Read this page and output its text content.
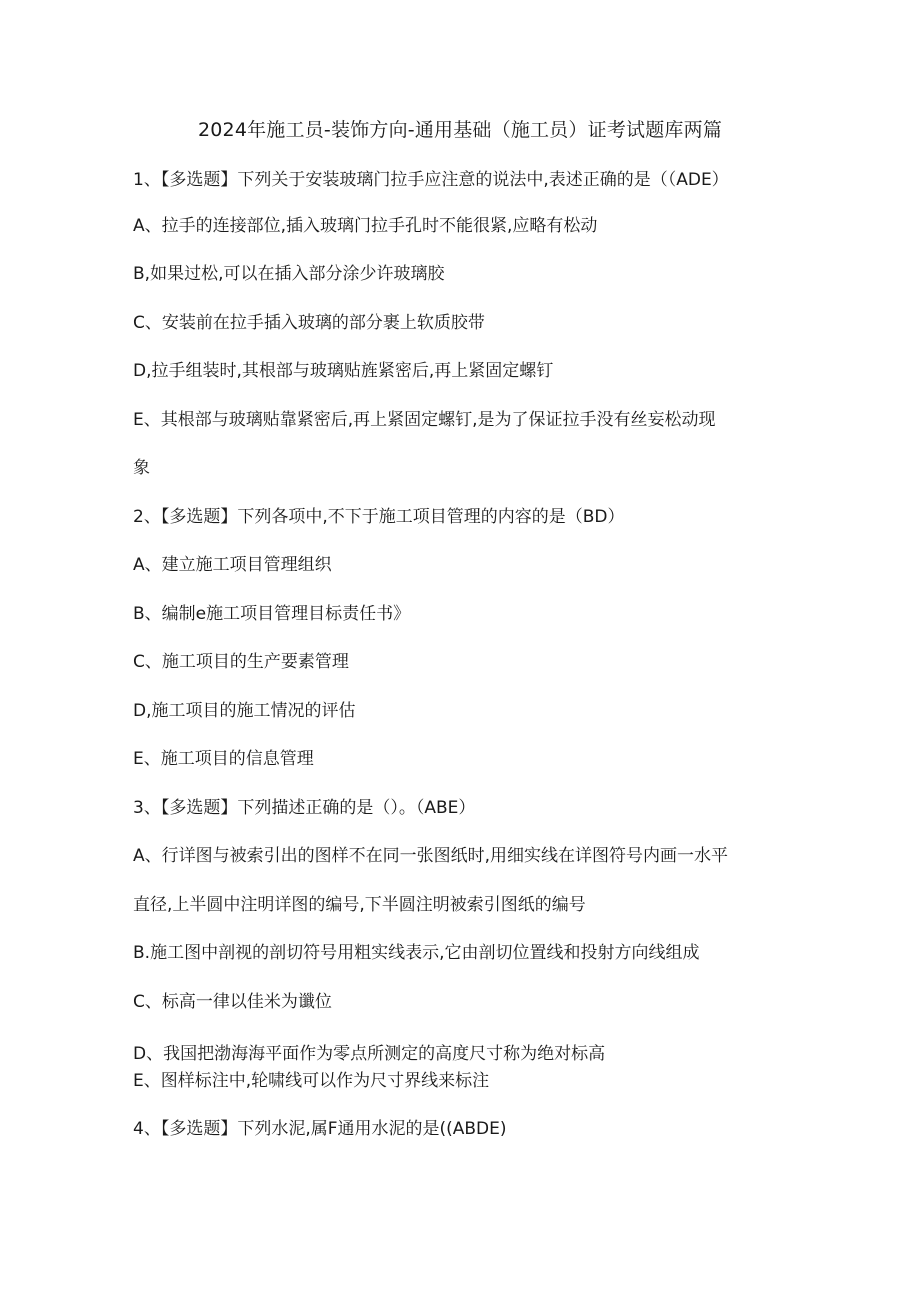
2024年施工员-装饰方向-通用基础（施工员）证考试题库两篇
1、【多选题】下列关于安装玻璃门拉手应注意的说法中,表述正确的是（（ADE）
A、拉手的连接部位,插入玻璃门拉手孔时不能很紧,应略有松动
B,如果过松,可以在插入部分涂少许玻璃胶
C、安装前在拉手插入玻璃的部分裹上软质胶带
D,拉手组装时,其根部与玻璃贴旌紧密后,再上紧固定螺钉
E、其根部与玻璃贴靠紧密后,再上紧固定螺钉,是为了保证拉手没有丝妄松动现
象
2、【多选题】下列各项中,不下于施工项目管理的内容的是（BD）
A、建立施工项目管理组织
B、编制e施工项目管理目标责任书》
C、施工项目的生产要素管理
D,施工项目的施工情况的评估
E、施工项目的信息管理
3、【多选题】下列描述正确的是（）。（ABE）
A、行详图与被索引出的图样不在同一张图纸时,用细实线在详图符号内画一水平
直径,上半圆中注明详图的编号,下半圆注明被索引图纸的编号
B.施工图中剖视的剖切符号用粗实线表示,它由剖切位置线和投射方向线组成
C、标高一律以佳米为谶位
D、我国把渤海海平面作为零点所测定的高度尺寸称为绝对标高
E、图样标注中,轮啸线可以作为尺寸界线来标注
4、【多选题】下列水泥,属F通用水泥的是((ABDE)
